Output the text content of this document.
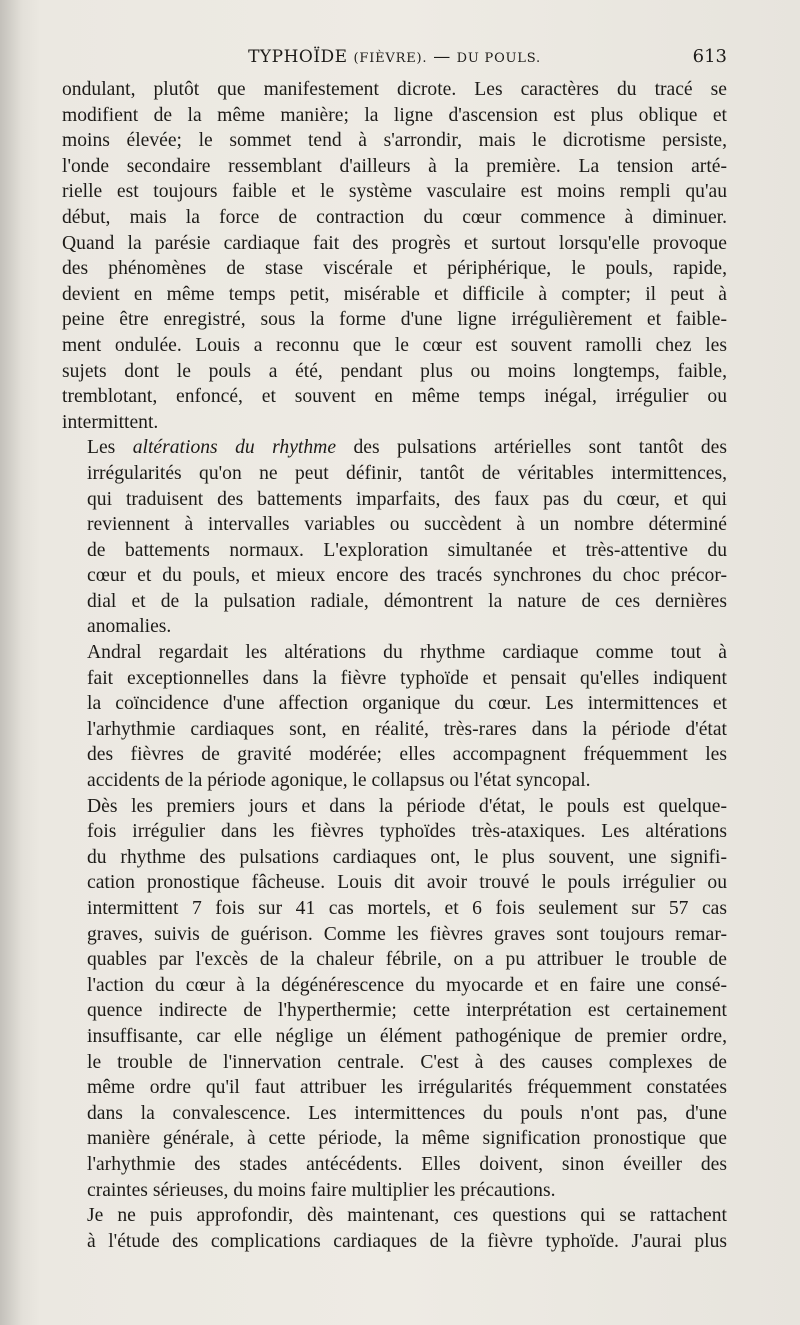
TYPHOÏDE (FIÈVRE). — DU POULS.	613
ondulant, plutôt que manifestement dicrote. Les caractères du tracé se
modifient de la même manière; la ligne d'ascension est plus oblique et
moins élevée; le sommet tend à s'arrondir, mais le dicrotisme persiste,
l'onde secondaire ressemblant d'ailleurs à la première. La tension arté-
rielle est toujours faible et le système vasculaire est moins rempli qu'au
début, mais la force de contraction du cœur commence à diminuer.
Quand la parésie cardiaque fait des progrès et surtout lorsqu'elle provoque
des phénomènes de stase viscérale et périphérique, le pouls, rapide,
devient en même temps petit, misérable et difficile à compter; il peut à
peine être enregistré, sous la forme d'une ligne irrégulièrement et faible-
ment ondulée. Louis a reconnu que le cœur est souvent ramolli chez les
sujets dont le pouls a été, pendant plus ou moins longtemps, faible,
tremblotant, enfoncé, et souvent en même temps inégal, irrégulier ou
intermittent.
Les altérations du rhythme des pulsations artérielles sont tantôt des
irrégularités qu'on ne peut définir, tantôt de véritables intermittences,
qui traduisent des battements imparfaits, des faux pas du cœur, et qui
reviennent à intervalles variables ou succèdent à un nombre déterminé
de battements normaux. L'exploration simultanée et très-attentive du
cœur et du pouls, et mieux encore des tracés synchrones du choc précor-
dial et de la pulsation radiale, démontrent la nature de ces dernières
anomalies.
Andral regardait les altérations du rhythme cardiaque comme tout à
fait exceptionnelles dans la fièvre typhoïde et pensait qu'elles indiquent
la coïncidence d'une affection organique du cœur. Les intermittences et
l'arhythmie cardiaques sont, en réalité, très-rares dans la période d'état
des fièvres de gravité modérée; elles accompagnent fréquemment les
accidents de la période agonique, le collapsus ou l'état syncopal.
Dès les premiers jours et dans la période d'état, le pouls est quelque-
fois irrégulier dans les fièvres typhoïdes très-ataxiques. Les altérations
du rhythme des pulsations cardiaques ont, le plus souvent, une signifi-
cation pronostique fâcheuse. Louis dit avoir trouvé le pouls irrégulier ou
intermittent 7 fois sur 41 cas mortels, et 6 fois seulement sur 57 cas
graves, suivis de guérison. Comme les fièvres graves sont toujours remar-
quables par l'excès de la chaleur fébrile, on a pu attribuer le trouble de
l'action du cœur à la dégénérescence du myocarde et en faire une consé-
quence indirecte de l'hyperthermie; cette interprétation est certainement
insuffisante, car elle néglige un élément pathogénique de premier ordre,
le trouble de l'innervation centrale. C'est à des causes complexes de
même ordre qu'il faut attribuer les irrégularités fréquemment constatées
dans la convalescence. Les intermittences du pouls n'ont pas, d'une
manière générale, à cette période, la même signification pronostique que
l'arhythmie des stades antécédents. Elles doivent, sinon éveiller des
craintes sérieuses, du moins faire multiplier les précautions.
Je ne puis approfondir, dès maintenant, ces questions qui se rattachent
à l'étude des complications cardiaques de la fièvre typhoïde. J'aurai plus
